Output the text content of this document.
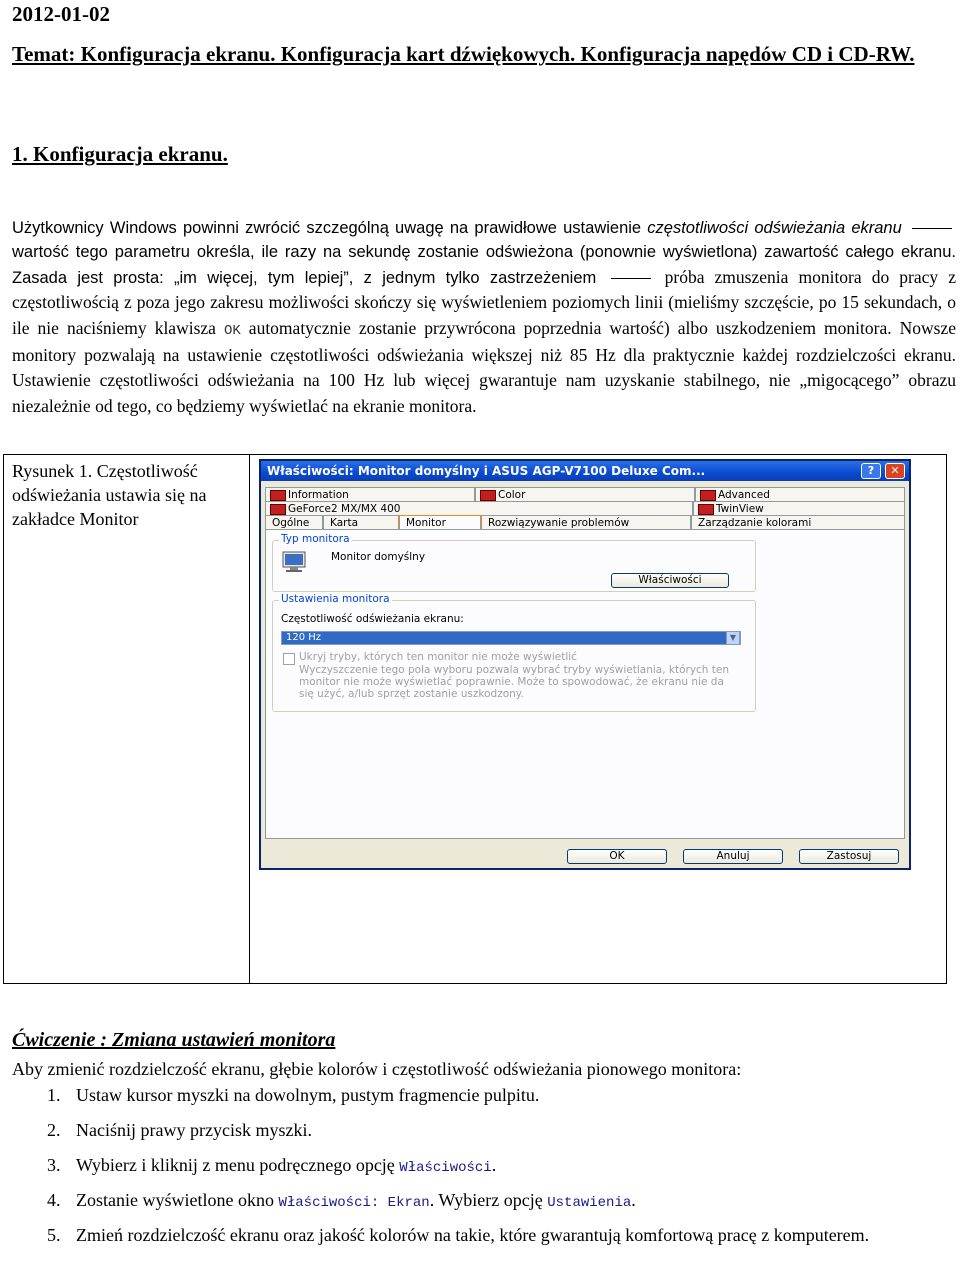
2012-01-02
Temat: Konfiguracja ekranu. Konfiguracja kart dźwiękowych. Konfiguracja napędów CD i CD-RW.
1. Konfiguracja ekranu.
Użytkownicy Windows powinni zwrócić szczególną uwagę na prawidłowe ustawienie częstotliwości odświeżania ekranu  wartość tego parametru określa, ile razy na sekundę zostanie odświeżona (ponownie wyświetlona) zawartość całego ekranu. Zasada jest prosta: „im więcej, tym lepiej”, z jednym tylko zastrzeżeniem	próba zmuszenia monitora do pracy z częstotliwością z poza jego zakresu możliwości skończy się wyświetleniem poziomych linii (mieliśmy szczęście, po 15 sekundach, o ile nie naciśniemy klawisza OK automatycznie zostanie przywrócona poprzednia wartość) albo uszkodzeniem monitora. Nowsze monitory pozwalają na ustawienie częstotliwości odświeżania większej niż 85 Hz dla praktycznie każdej rozdzielczości ekranu. Ustawienie częstotliwości odświeżania na 100 Hz lub więcej gwarantuje nam uzyskanie stabilnego, nie „migocącego” obrazu niezależnie od tego, co będziemy wyświetlać na ekranie monitora.
Rysunek 1. Częstotliwość odświeżania ustawia się na zakładce Monitor
Właściwości: Monitor domyślny i ASUS AGP-V7100 Deluxe Com...	?	✕
Information	Color	Advanced
GeForce2 MX/MX 400	TwinView
Ogólne	Karta	Monitor	Rozwiązywanie problemów	Zarządzanie kolorami
Typ monitora
Monitor domyślny
Właściwości
Ustawienia monitora
Częstotliwość odświeżania ekranu:
120 Hz	▼
Ukryj tryby, których ten monitor nie może wyświetlić
Wyczyszczenie tego pola wyboru pozwala wybrać tryby wyświetlania, których ten monitor nie może wyświetlać poprawnie. Może to spowodować, że ekranu nie da się użyć, a/lub sprzęt zostanie uszkodzony.
OK	Anuluj	Zastosuj
Ćwiczenie : Zmiana ustawień monitora
Aby zmienić rozdzielczość ekranu, głębie kolorów i częstotliwość odświeżania pionowego monitora:
1. Ustaw kursor myszki na dowolnym, pustym fragmencie pulpitu.
2. Naciśnij prawy przycisk myszki.
3. Wybierz i kliknij z menu podręcznego opcję Właściwości.
4. Zostanie wyświetlone okno Właściwości: Ekran. Wybierz opcję Ustawienia.
5. Zmień rozdzielczość ekranu oraz jakość kolorów na takie, które gwarantują komfortową pracę z komputerem.
